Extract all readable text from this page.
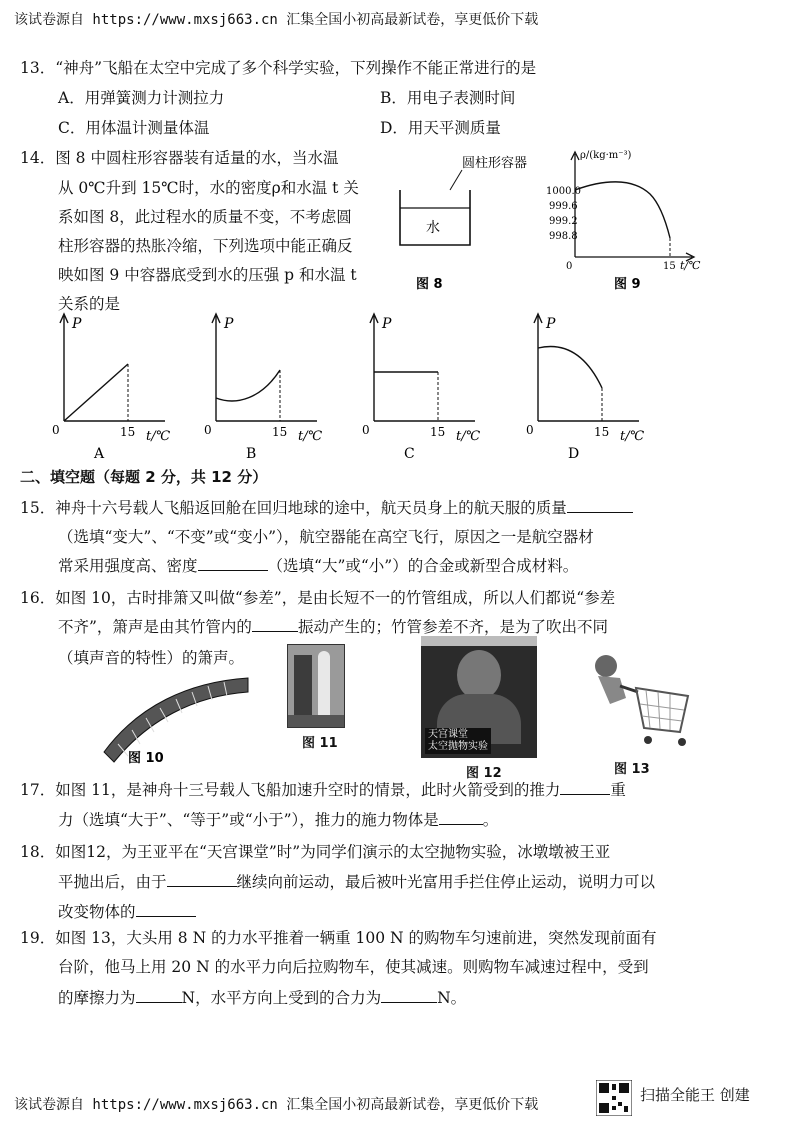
该试卷源自 https://www.mxsj663.cn 汇集全国小初高最新试卷，享更低价下载
13．“神舟”飞船在太空中完成了多个科学实验，下列操作不能正常进行的是
A．用弹簧测力计测拉力	B．用电子表测时间
C．用体温计测量体温	D．用天平测质量
14．图 8 中圆柱形容器装有适量的水，当水温
从 0℃升到 15℃时，水的密度ρ和水温 t 关
系如图 8，此过程水的质量不变，不考虑圆
柱形容器的热胀冷缩，下列选项中能正确反
映如图 9 中容器底受到水的压强 p 和水温 t
关系的是
圆柱形容器
水
图 8
ρ/(kg·m⁻³)
1000.0
999.6
999.2
998.8
0	15 t/℃
图 9
P
0	15 t/℃
A
P
0	15 t/℃
B
P
0	15 t/℃
C
P
0	15 t/℃
D
二、填空题（每题 2 分，共 12 分）
15．神舟十六号载人飞船返回舱在回归地球的途中，航天员身上的航天服的质量
（选填“变大”、“不变”或“变小”），航空器能在高空飞行，原因之一是航空器材
常采用强度高、密度	（选填“大”或“小”）的合金或新型合成材料。
16．如图 10，古时排箫又叫做“参差”，是由长短不一的竹管组成，所以人们都说“参差
不齐”，箫声是由其竹管内的	振动产生的；竹管参差不齐，是为了吹出不同
（填声音的特性）的箫声。
图 10
图 11
天宫课堂
太空抛物实验
图 12	图 13
17．如图 11，是神舟十三号载人飞船加速升空时的情景，此时火箭受到的推力	重
力（选填“大于”、“等于”或“小于”），推力的施力物体是	。
18．如图12，为王亚平在“天宫课堂”时”为同学们演示的太空抛物实验，冰墩墩被王亚
平抛出后，由于	继续向前运动，最后被叶光富用手拦住停止运动，说明力可以
改变物体的
19．如图 13，大头用 8 N 的力水平推着一辆重 100 N 的购物车匀速前进，突然发现前面有
台阶，他马上用 20 N 的水平力向后拉购物车，使其减速。则购物车减速过程中，受到
的摩擦力为	N，水平方向上受到的合力为	N。
该试卷源自 https://www.mxsj663.cn 汇集全国小初高最新试卷，享更低价下载
扫描全能王 创建
